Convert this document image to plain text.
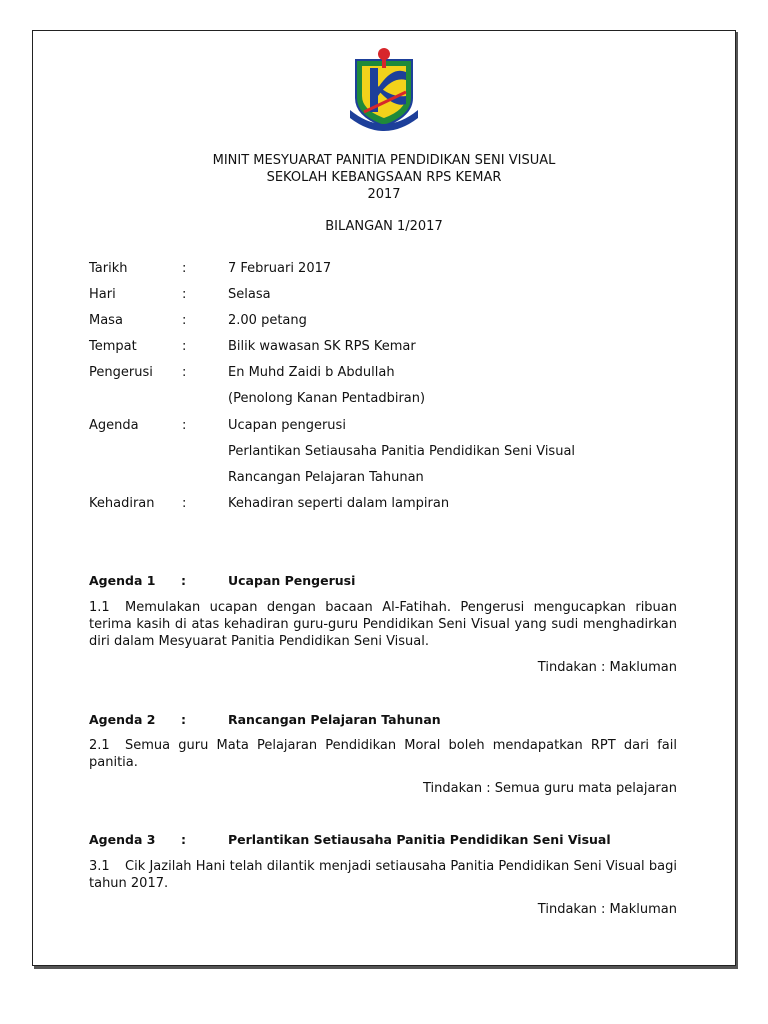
MINIT MESYUARAT PANITIA PENDIDIKAN SENI VISUAL
SEKOLAH KEBANGSAAN RPS KEMAR
2017
BILANGAN 1/2017
Tarikh	:	7 Februari 2017
Hari	:	Selasa
Masa	:	2.00 petang
Tempat	:	Bilik wawasan SK RPS Kemar
Pengerusi	:	En Muhd Zaidi b Abdullah
(Penolong Kanan Pentadbiran)
Agenda	:	Ucapan pengerusi
Perlantikan Setiausaha Panitia Pendidikan Seni Visual
Rancangan Pelajaran Tahunan
Kehadiran	:	Kehadiran seperti dalam lampiran
Agenda 1 :	Ucapan Pengerusi
1.1 Memulakan ucapan dengan bacaan Al-Fatihah. Pengerusi mengucapkan ribuan terima kasih di atas kehadiran guru-guru Pendidikan Seni Visual yang sudi menghadirkan diri dalam Mesyuarat Panitia Pendidikan Seni Visual.
Tindakan : Makluman
Agenda 2 :	Rancangan Pelajaran Tahunan
2.1 Semua guru Mata Pelajaran Pendidikan Moral boleh mendapatkan RPT dari fail panitia.
Tindakan : Semua guru mata pelajaran
Agenda 3 :	Perlantikan Setiausaha Panitia Pendidikan Seni Visual
3.1 Cik Jazilah Hani telah dilantik menjadi setiausaha Panitia Pendidikan Seni Visual bagi tahun 2017.
Tindakan : Makluman
